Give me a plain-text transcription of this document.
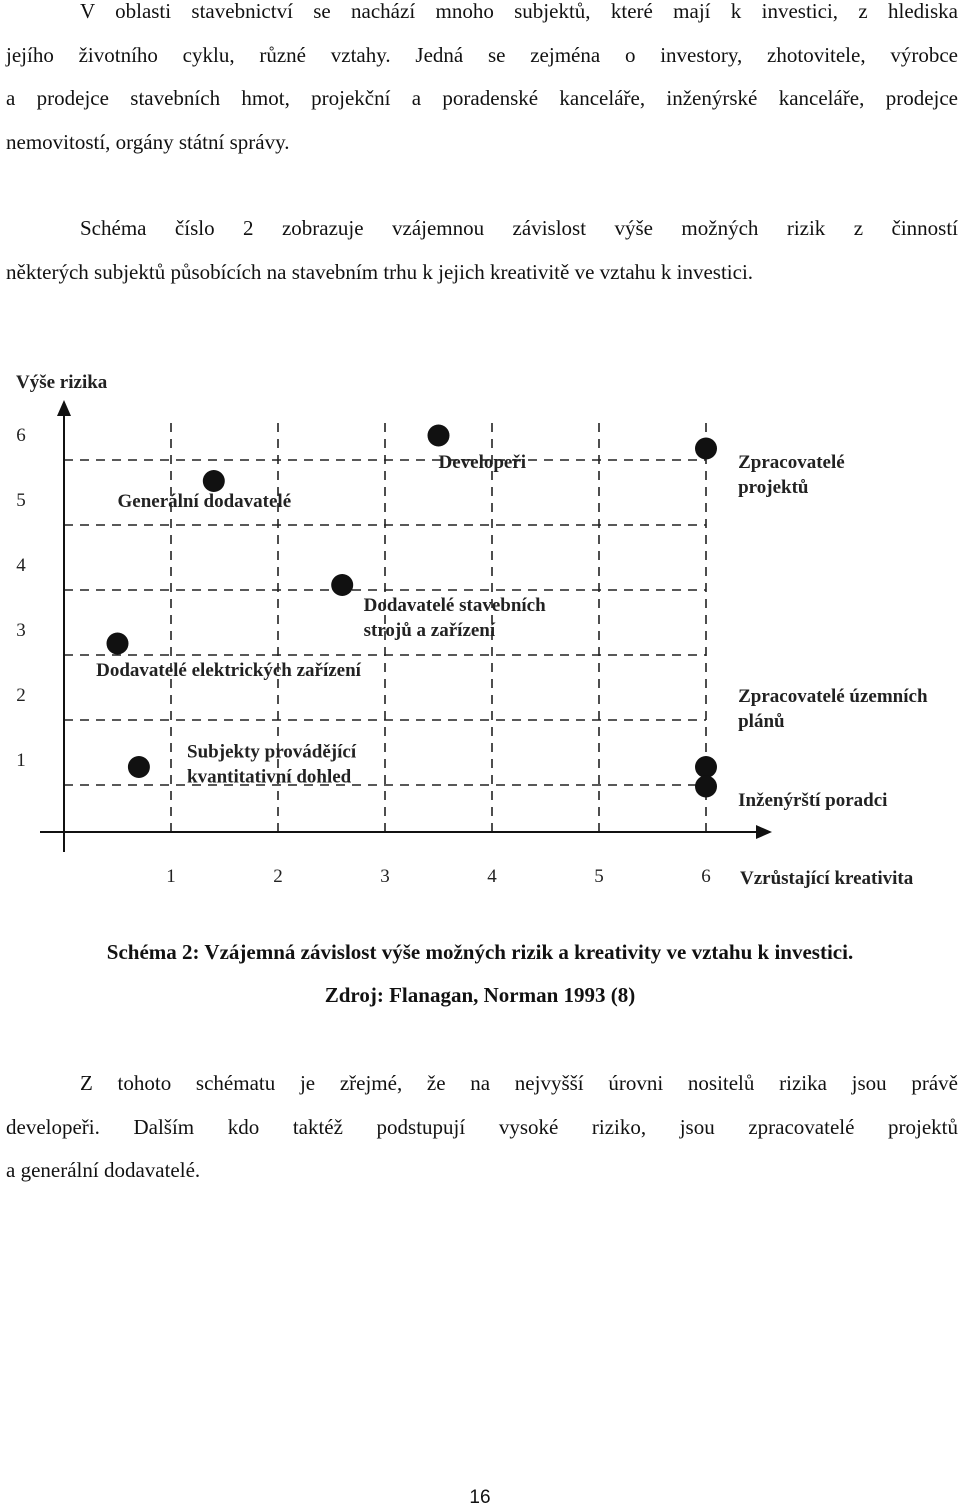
V oblasti stavebnictví se nachází mnoho subjektů, které mají k investici, z hlediska
jejího životního cyklu, různé vztahy. Jedná se zejména o investory, zhotovitele, výrobce
a prodejce stavebních hmot, projekční a poradenské kanceláře, inženýrské kanceláře, prodejce
nemovitostí, orgány státní správy.
Schéma číslo 2 zobrazuje vzájemnou závislost výše možných rizik z činností
některých subjektů působících na stavebním trhu k jejich kreativitě ve vztahu k investici.
1	2	3	4	5	6
1
2
3
4
5
6
Developeři	Zpracovatelé projektů
Generální dodavatelé
Dodavatelé stavebních strojů a zařízení
Dodavatelé elektrických zařízení
Zpracovatelé územních plánů
Subjekty provádějící kvantitativní dohled
Inženýrští poradci
Výše rizika
Vzrůstající kreativita
Schéma 2: Vzájemná závislost výše možných rizik a kreativity ve vztahu k investici.
Zdroj: Flanagan, Norman 1993 (8)
Z tohoto schématu je zřejmé, že na nejvyšší úrovni nositelů rizika jsou právě
developeři. Dalším kdo taktéž podstupují vysoké riziko, jsou zpracovatelé projektů
a generální dodavatelé.
16
